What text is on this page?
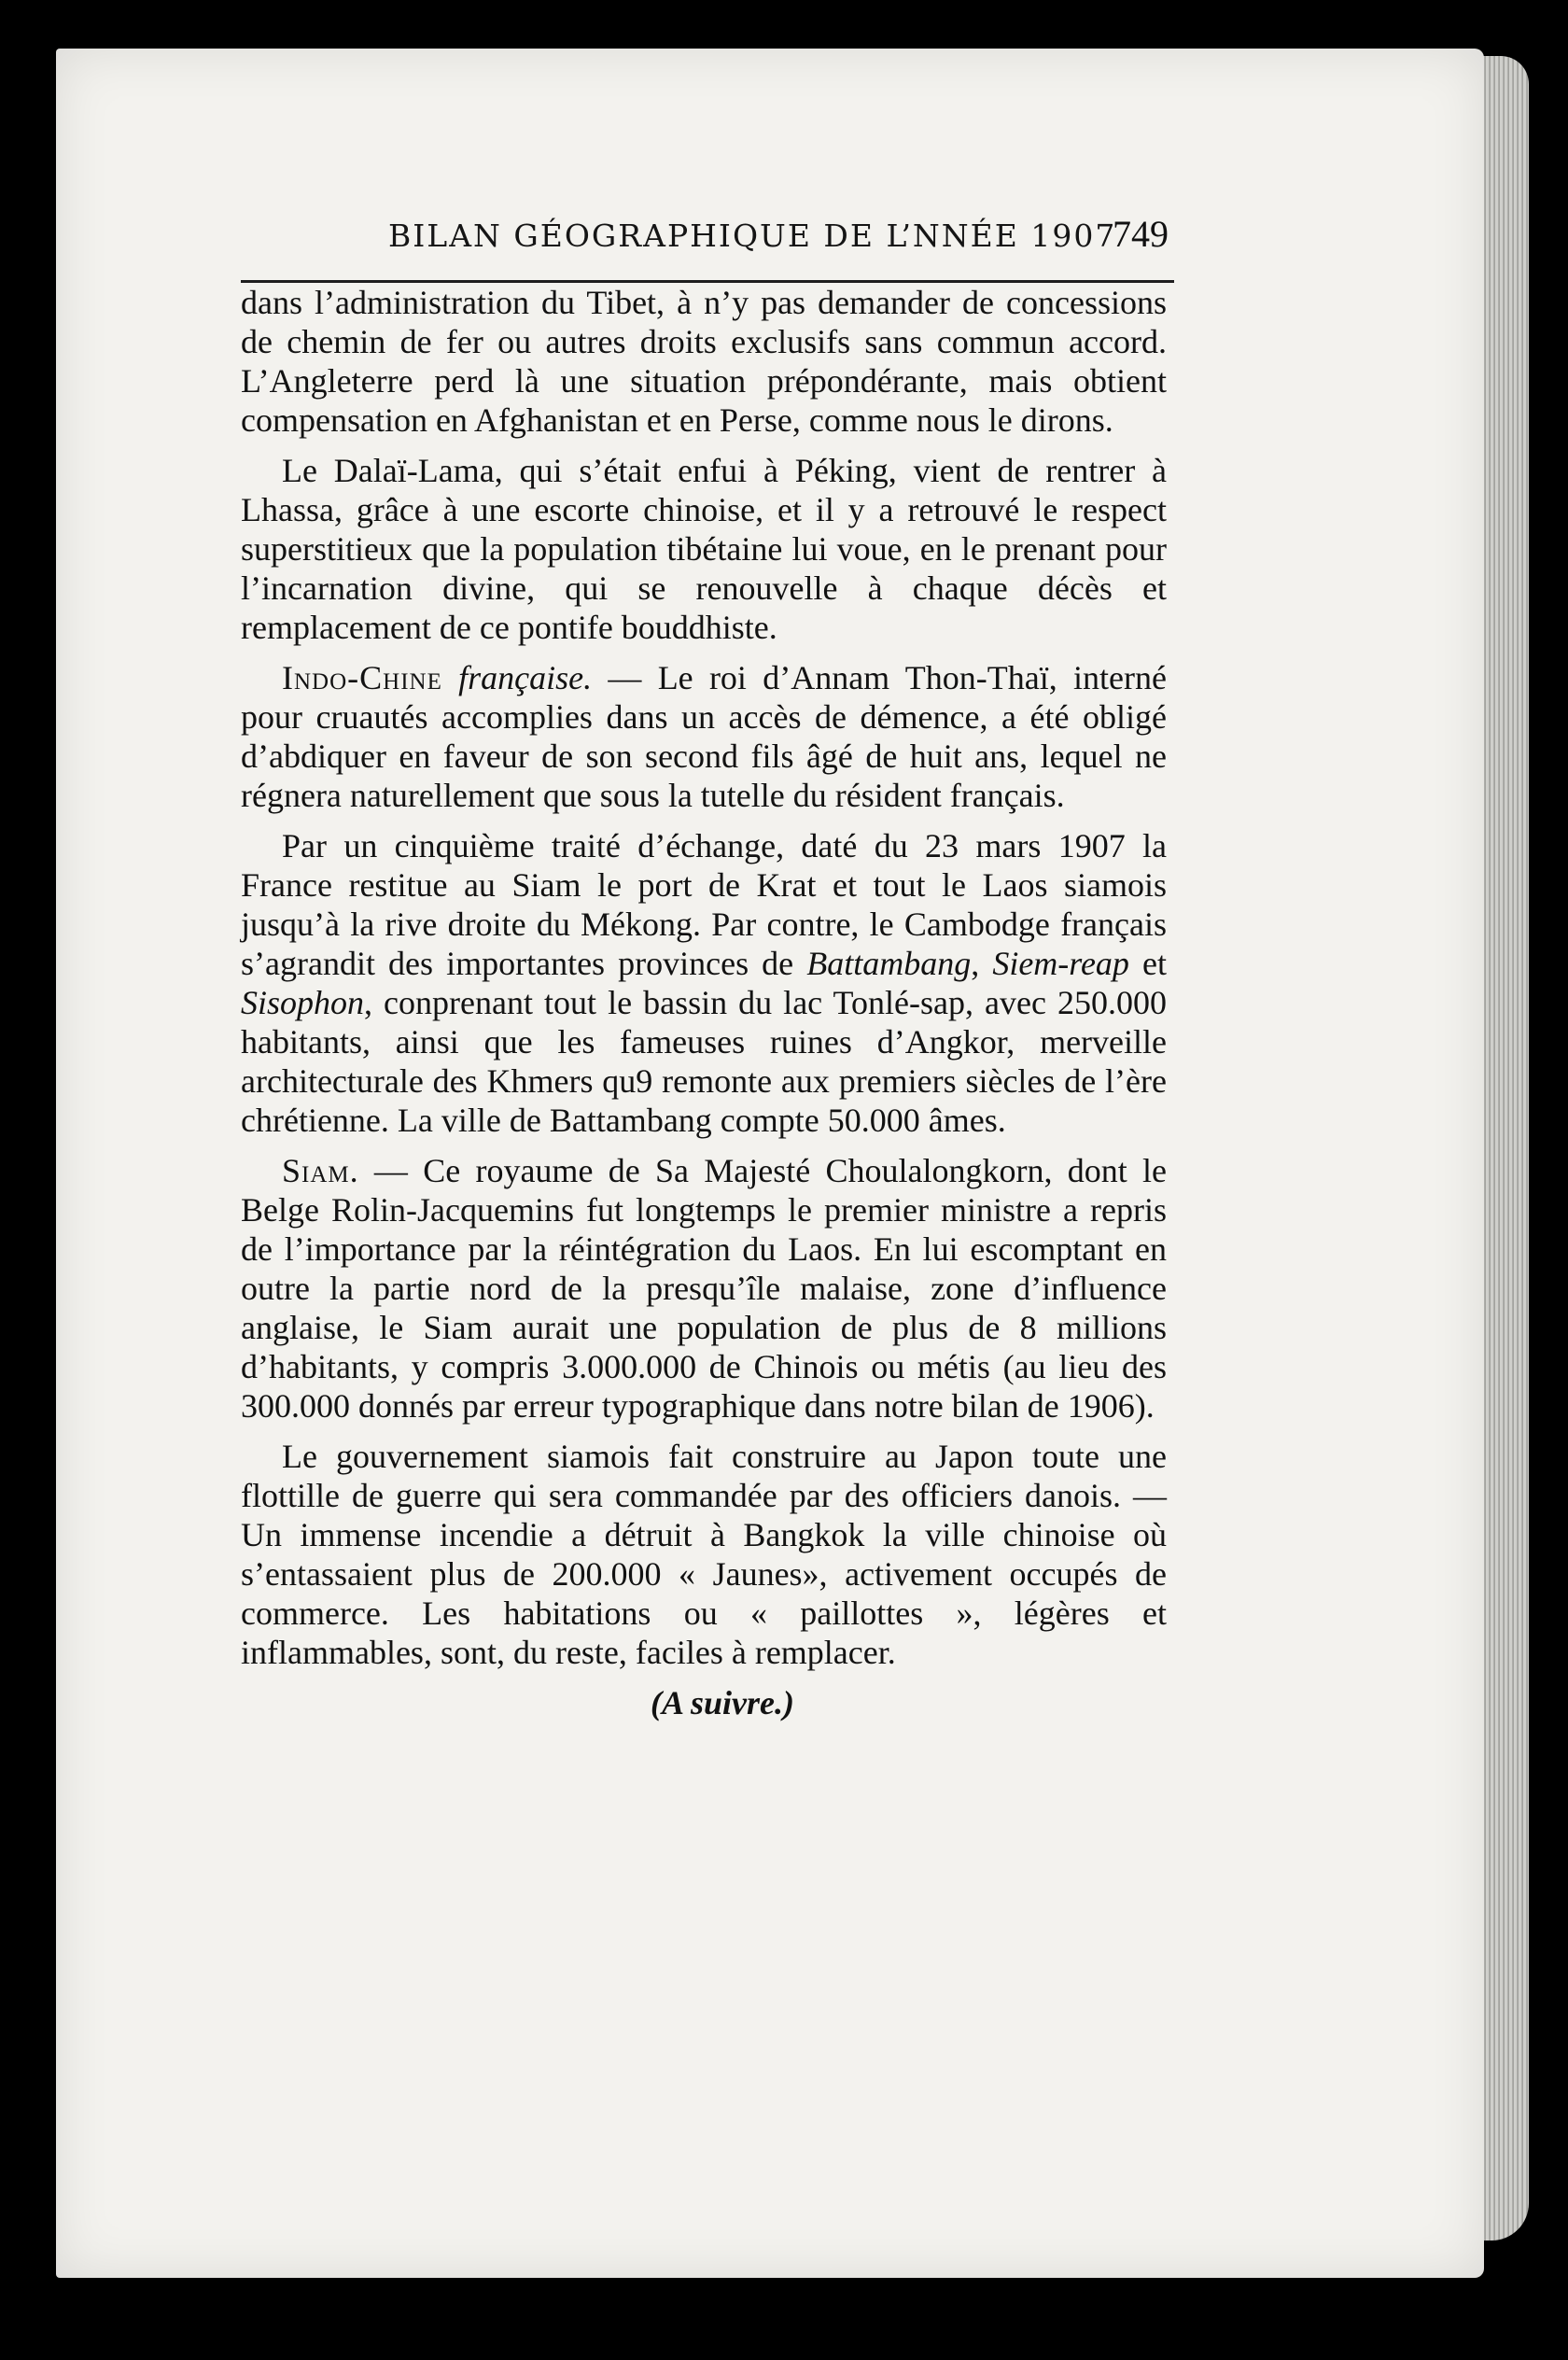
BILAN GÉOGRAPHIQUE DE L’NNÉE 1907
749

dans l’administration du Tibet, à n’y pas demander de concessions de chemin de fer ou autres droits exclusifs sans commun accord. L’Angleterre perd là une situation prépondérante, mais obtient compensation en Afghanistan et en Perse, comme nous le dirons.

Le Dalaï-Lama, qui s’était enfui à Péking, vient de rentrer à Lhassa, grâce à une escorte chinoise, et il y a retrouvé le respect superstitieux que la population tibétaine lui voue, en le prenant pour l’incarnation divine, qui se renouvelle à chaque décès et remplacement de ce pontife bouddhiste.

Indo-Chine française. — Le roi d’Annam Thon-Thaï, interné pour cruautés accomplies dans un accès de démence, a été obligé d’abdiquer en faveur de son second fils âgé de huit ans, lequel ne régnera naturellement que sous la tutelle du résident français.

Par un cinquième traité d’échange, daté du 23 mars 1907 la France restitue au Siam le port de Krat et tout le Laos siamois jusqu’à la rive droite du Mékong. Par contre, le Cambodge français s’agrandit des importantes provinces de Battambang, Siem-reap et Sisophon, conprenant tout le bassin du lac Tonlé-sap, avec 250.000 habitants, ainsi que les fameuses ruines d’Angkor, merveille architecturale des Khmers qu9 remonte aux premiers siècles de l’ère chrétienne. La ville de Battambang compte 50.000 âmes.

Siam. — Ce royaume de Sa Majesté Choulalongkorn, dont le Belge Rolin-Jacquemins fut longtemps le premier ministre a repris de l’importance par la réintégration du Laos. En lui escomptant en outre la partie nord de la presqu’île malaise, zone d’influence anglaise, le Siam aurait une population de plus de 8 millions d’habitants, y compris 3.000.000 de Chinois ou métis (au lieu des 300.000 donnés par erreur typographique dans notre bilan de 1906).

Le gouvernement siamois fait construire au Japon toute une flottille de guerre qui sera commandée par des officiers danois. — Un immense incendie a détruit à Bangkok la ville chinoise où s’entassaient plus de 200.000 « Jaunes», activement occupés de commerce. Les habitations ou « paillottes », légères et inflammables, sont, du reste, faciles à remplacer.

(A suivre.)
